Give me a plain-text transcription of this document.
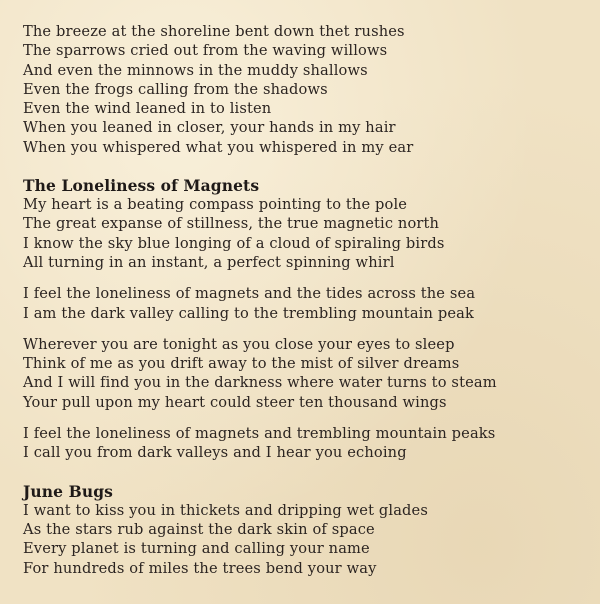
The breeze at the shoreline bent down thet rushes
The sparrows cried out from the waving willows
And even the minnows in the muddy shallows
Even the frogs calling from the shadows
Even the wind leaned in to listen
When you leaned in closer, your hands in my hair
When you whispered what you whispered in my ear
The Loneliness of Magnets
My heart is a beating compass pointing to the pole
The great expanse of stillness, the true magnetic north
I know the sky blue longing of a cloud of spiraling birds
All turning in an instant, a perfect spinning whirl
I feel the loneliness of magnets and the tides across the sea
I am the dark valley calling to the trembling mountain peak
Wherever you are tonight as you close your eyes to sleep
Think of me as you drift away to the mist of silver dreams
And I will find you in the darkness where water turns to steam
Your pull upon my heart could steer ten thousand wings
I feel the loneliness of magnets and trembling mountain peaks
I call you from dark valleys and I hear you echoing
June Bugs
I want to kiss you in thickets and dripping wet glades
As the stars rub against the dark skin of space
Every planet is turning and calling your name
For hundreds of miles the trees bend your way
